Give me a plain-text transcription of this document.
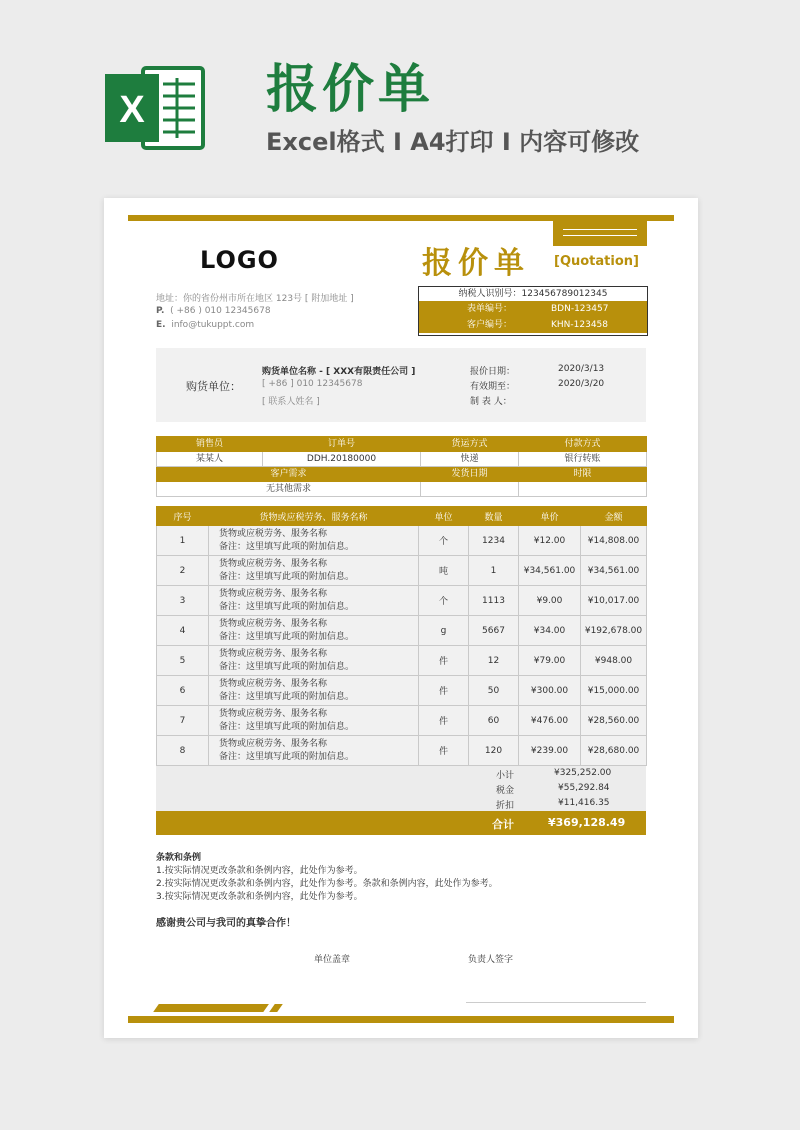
X 报价单
Excel格式 I A4打印 I 内容可修改
LOGO	报价单 [Quotation]
地址：你的省份州市所在地区 123号 [ 附加地址 ]
P. ( +86 ) 010 12345678
E. info@tukuppt.com
纳税人识别号：123456789012345
表单编号：	BDN-123457
客户编号：	KHN-123458
购货单位：
购货单位名称 - [ XXX有限责任公司 ]
[ +86 ] 010 12345678
[ 联系人姓名 ]
报价日期：	2020/3/13
有效期至：	2020/3/20
制 表 人：
销售员	订单号	货运方式	付款方式
某某人	DDH.20180000	快递	银行转账
客户需求		发货日期	时限
无其他需求			
序号	货物或应税劳务、服务名称	单位	数量	单价	金额
1	货物或应税劳务、服务名称
备注：这里填写此项的附加信息。	个	1234	¥12.00	¥14,808.00
2	货物或应税劳务、服务名称
备注：这里填写此项的附加信息。	吨	1	¥34,561.00	¥34,561.00
3	货物或应税劳务、服务名称
备注：这里填写此项的附加信息。	个	1113	¥9.00	¥10,017.00
4	货物或应税劳务、服务名称
备注：这里填写此项的附加信息。	g	5667	¥34.00	¥192,678.00
5	货物或应税劳务、服务名称
备注：这里填写此项的附加信息。	件	12	¥79.00	¥948.00
6	货物或应税劳务、服务名称
备注：这里填写此项的附加信息。	件	50	¥300.00	¥15,000.00
7	货物或应税劳务、服务名称
备注：这里填写此项的附加信息。	件	60	¥476.00	¥28,560.00
8	货物或应税劳务、服务名称
备注：这里填写此项的附加信息。	件	120	¥239.00	¥28,680.00
小计	¥325,252.00
税金	¥55,292.84
折扣	¥11,416.35
合计	¥369,128.49
条款和条例
1.按实际情况更改条款和条例内容，此处作为参考。
2.按实际情况更改条款和条例内容，此处作为参考。条款和条例内容，此处作为参考。
3.按实际情况更改条款和条例内容，此处作为参考。
感谢贵公司与我司的真挚合作！
单位盖章	负责人签字
